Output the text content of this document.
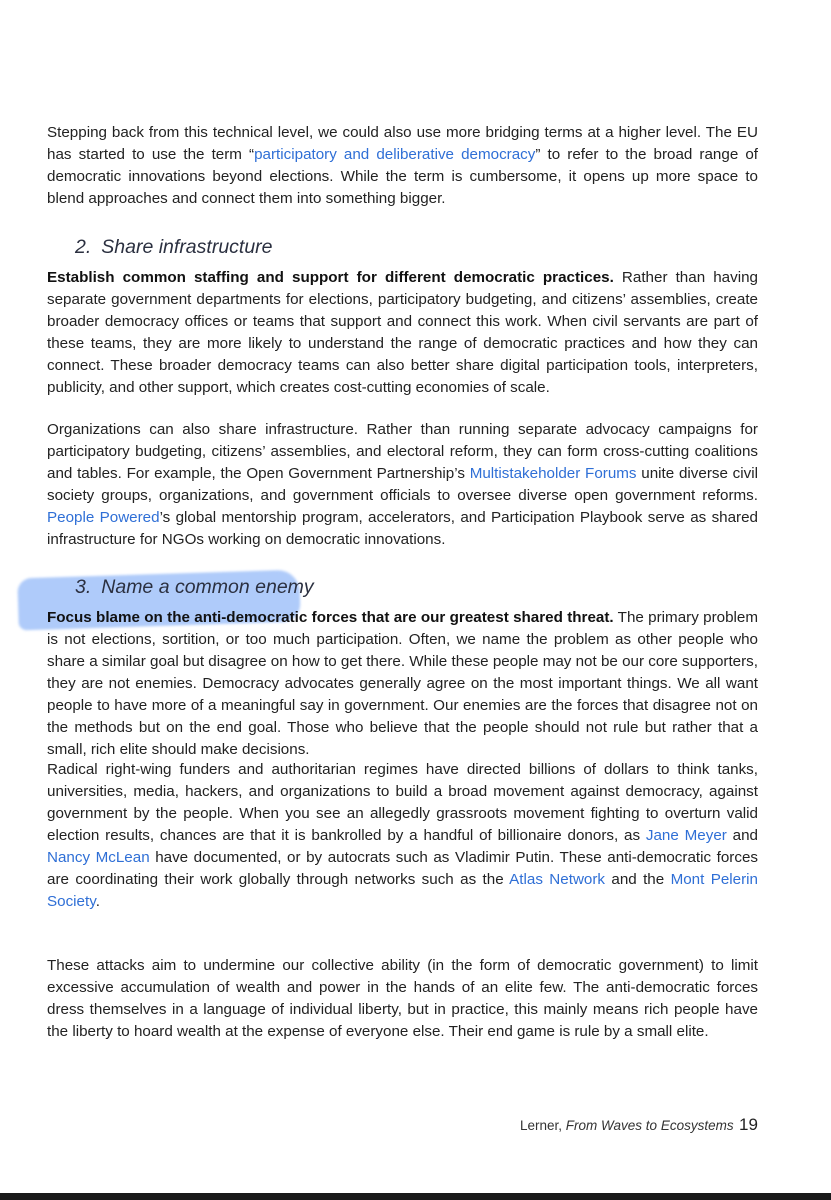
Stepping back from this technical level, we could also use more bridging terms at a higher level. The EU has started to use the term “participatory and deliberative democracy” to refer to the broad range of democratic innovations beyond elections. While the term is cumbersome, it opens up more space to blend approaches and connect them into something bigger.
2. Share infrastructure
Establish common staffing and support for different democratic practices. Rather than having separate government departments for elections, participatory budgeting, and citizens’ assemblies, create broader democracy offices or teams that support and connect this work. When civil servants are part of these teams, they are more likely to understand the range of democratic practices and how they can connect. These broader democracy teams can also better share digital participation tools, interpreters, publicity, and other support, which creates cost-cutting economies of scale.
Organizations can also share infrastructure. Rather than running separate advocacy campaigns for participatory budgeting, citizens’ assemblies, and electoral reform, they can form cross-cutting coalitions and tables. For example, the Open Government Partnership’s Multistakeholder Forums unite diverse civil society groups, organizations, and government officials to oversee diverse open government reforms. People Powered’s global mentorship program, accelerators, and Participation Playbook serve as shared infrastructure for NGOs working on democratic innovations.
3. Name a common enemy
Focus blame on the anti-democratic forces that are our greatest shared threat. The primary problem is not elections, sortition, or too much participation. Often, we name the problem as other people who share a similar goal but disagree on how to get there. While these people may not be our core supporters, they are not enemies. Democracy advocates generally agree on the most important things. We all want people to have more of a meaningful say in government. Our enemies are the forces that disagree not on the methods but on the end goal. Those who believe that the people should not rule but rather that a small, rich elite should make decisions.
Radical right-wing funders and authoritarian regimes have directed billions of dollars to think tanks, universities, media, hackers, and organizations to build a broad movement against democracy, against government by the people. When you see an allegedly grassroots movement fighting to overturn valid election results, chances are that it is bankrolled by a handful of billionaire donors, as Jane Meyer and Nancy McLean have documented, or by autocrats such as Vladimir Putin. These anti-democratic forces are coordinating their work globally through networks such as the Atlas Network and the Mont Pelerin Society.
These attacks aim to undermine our collective ability (in the form of democratic government) to limit excessive accumulation of wealth and power in the hands of an elite few. The anti-democratic forces dress themselves in a language of individual liberty, but in practice, this mainly means rich people have the liberty to hoard wealth at the expense of everyone else. Their end game is rule by a small elite.
Lerner, From Waves to Ecosystems 19
